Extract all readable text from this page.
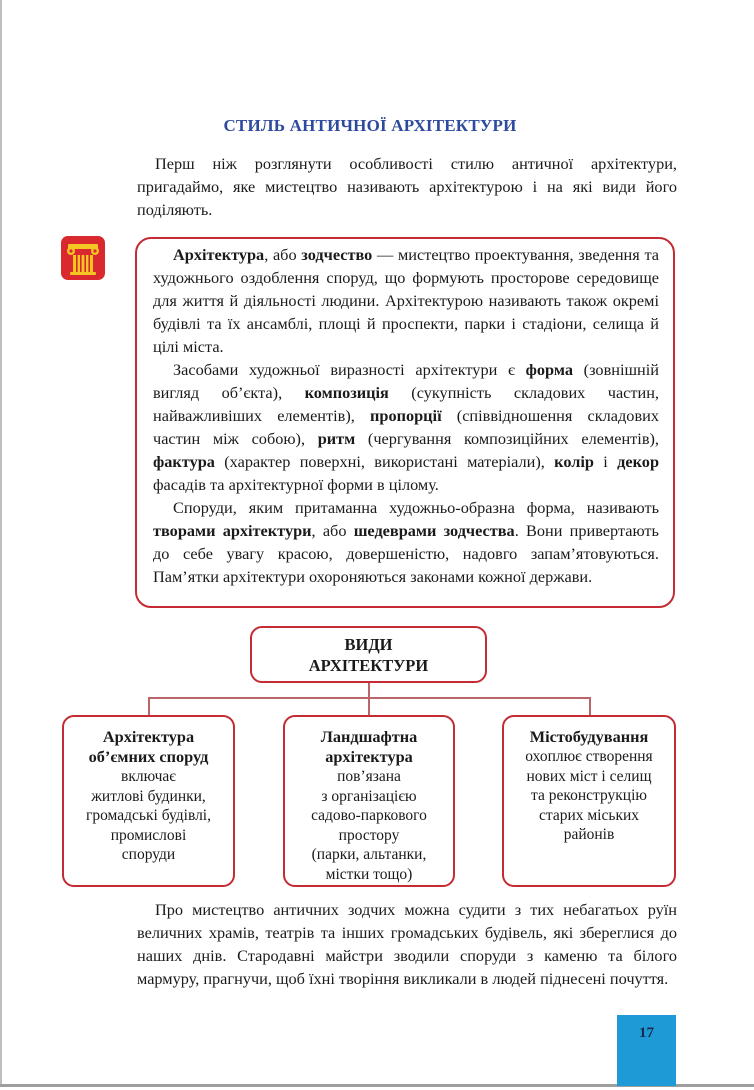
СТИЛЬ АНТИЧНОЇ АРХІТЕКТУРИ

Перш ніж розглянути особливості стилю античної архітектури, пригадаймо, яке мистецтво називають архітектурою і на які види його поділяють.

Архітектура, або зодчество — мистецтво проектування, зведення та художнього оздоблення споруд, що формують просторове середовище для життя й діяльності людини. Архітектурою називають також окремі будівлі та їх ансамблі, площі й проспекти, парки і стадіони, селища й цілі міста.

Засобами художньої виразності архітектури є форма (зовнішній вигляд об’єкта), композиція (сукупність складових частин, найважливіших елементів), пропорції (співвідношення складових частин між собою), ритм (чергування композиційних елементів), фактура (характер поверхні, використані матеріали), колір і декор фасадів та архітектурної форми в цілому.

Споруди, яким притаманна художньо-образна форма, називають творами архітектури, або шедеврами зодчества. Вони привертають до себе увагу красою, довершеністю, надовго запам’ятовуються. Пам’ятки архітектури охороняються законами кожної держави.

ВИДИ
АРХІТЕКТУРИ
Архітектура
об’ємних споруд
включає
житлові будинки,
громадські будівлі,
промислові
споруди
Ландшафтна
архітектура
пов’язана
з організацією
садово-паркового
простору
(парки, альтанки,
містки тощо)
Містобудування
охоплює створення
нових міст і селищ
та реконструкцію
старих міських
районів

Про мистецтво античних зодчих можна судити з тих небагатьох руїн величних храмів, театрів та інших громадських будівель, які збереглися до наших днів. Стародавні майстри зводили споруди з каменю та білого мармуру, прагнучи, щоб їхні творіння викликали в людей піднесені почуття.

17
